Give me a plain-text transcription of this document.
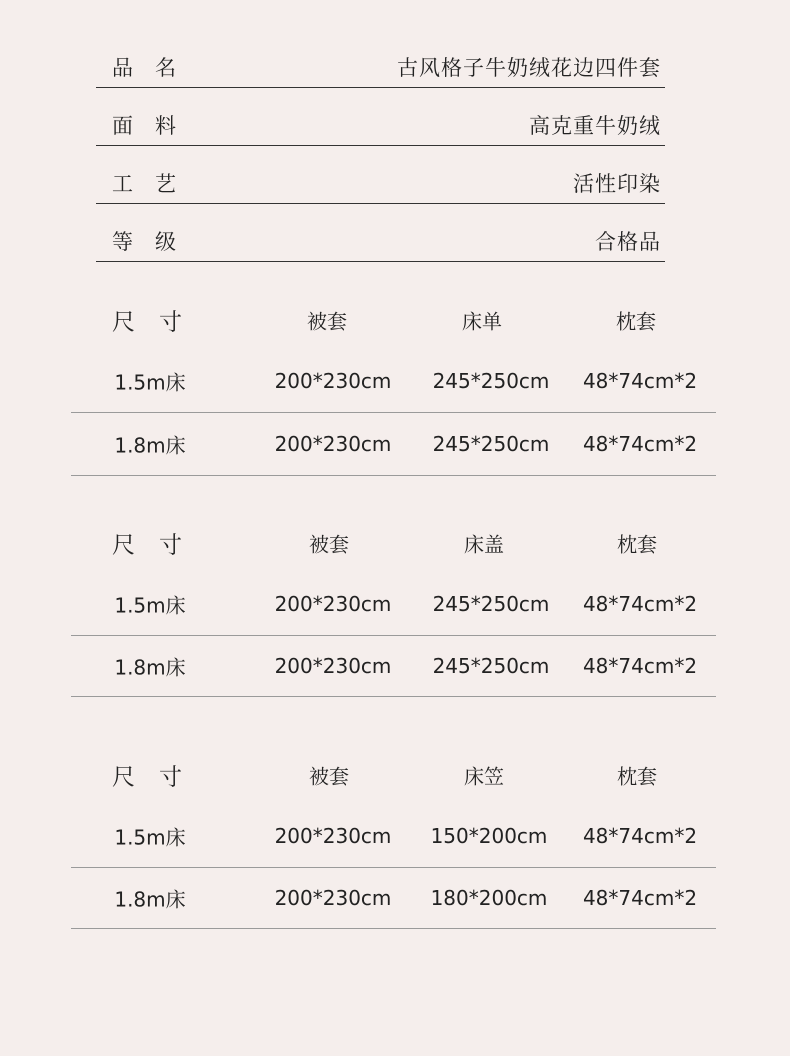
品名	古风格子牛奶绒花边四件套
面料	高克重牛奶绒
工艺	活性印染
等级	合格品
尺寸	被套	床单	枕套
1.5m床	200*230cm 245*250cm 48*74cm*2
1.8m床	200*230cm 245*250cm 48*74cm*2
尺寸	被套	床盖	枕套
1.5m床	200*230cm 245*250cm 48*74cm*2
1.8m床	200*230cm 245*250cm 48*74cm*2
尺寸	被套	床笠	枕套
1.5m床	200*230cm 150*200cm 48*74cm*2
1.8m床	200*230cm 180*200cm 48*74cm*2
